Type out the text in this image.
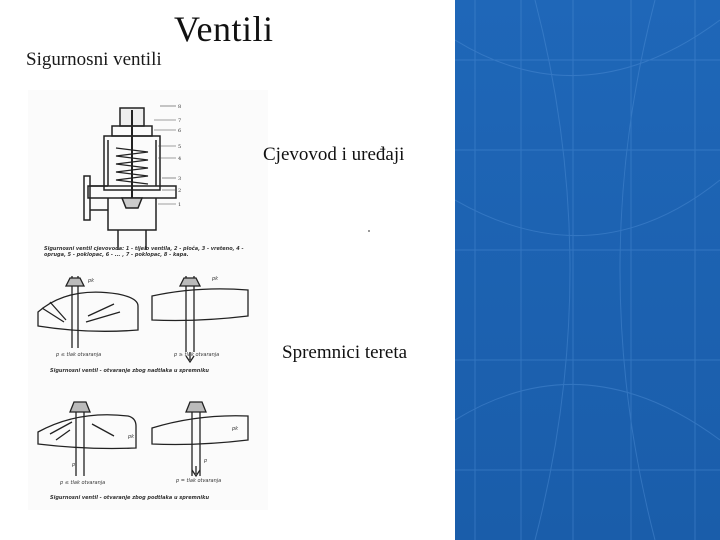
Ventili
Sigurnosni ventili
8
7
6
5
4
3
2
1
Sigurnosni ventil cjevovoda: 1 - tijelo ventila, 2 - ploča, 3 - vreteno, 4 - opruga, 5 - poklopac, 6 - ... , 7 - poklopac, 8 - kapa.
pk	pk
p ≤ tlak otvaranja	p ≥ tlak otvaranja
Sigurnosni ventil - otvaranje zbog nadtlaka u spremniku
pk
pk
p
p
p ≤ tlak otvaranja	p = tlak otvaranja
Sigurnosni ventil - otvaranje zbog podtlaka u spremniku
Cjevovod i uređaji
Spremnici tereta
